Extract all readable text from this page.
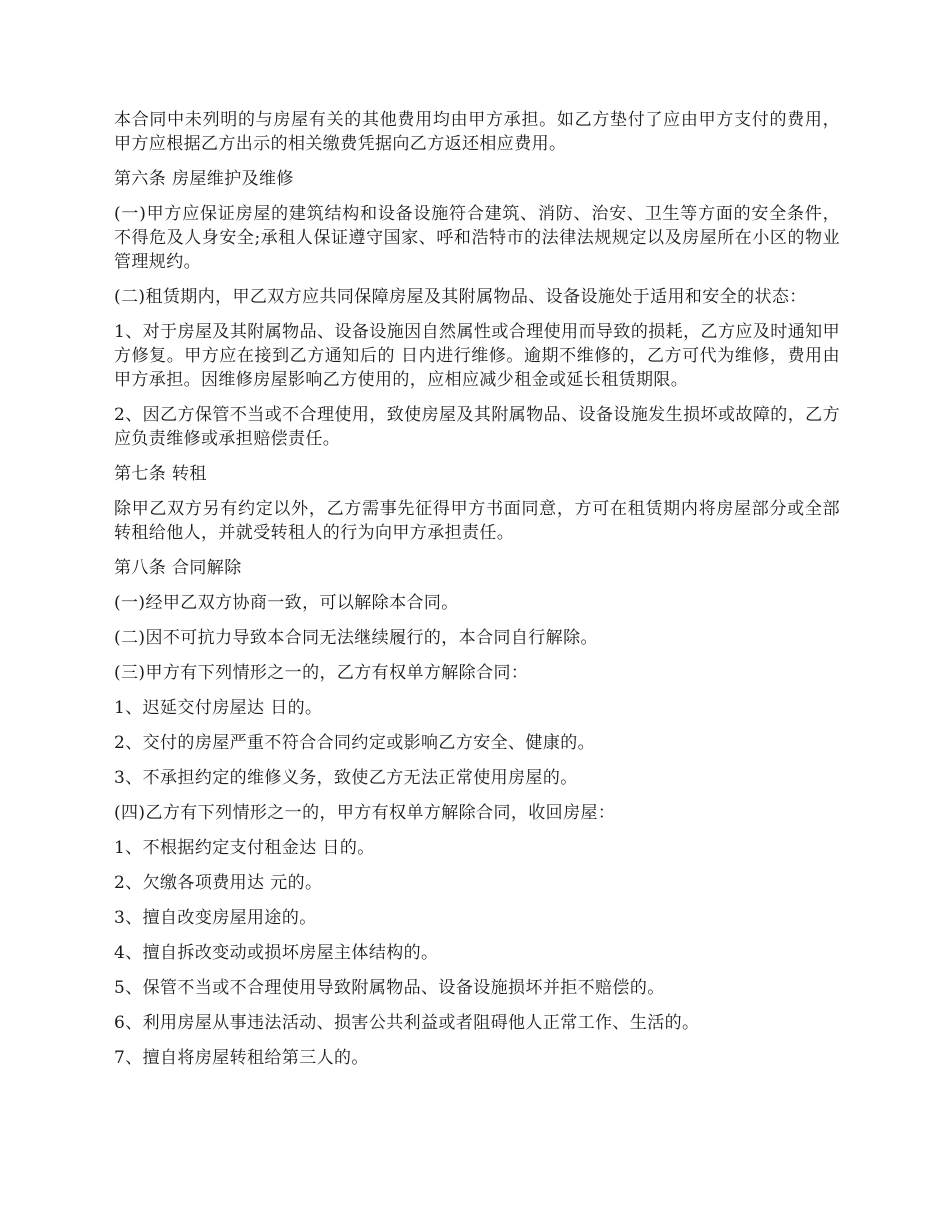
本合同中未列明的与房屋有关的其他费用均由甲方承担。如乙方垫付了应由甲方支付的费用，甲方应根据乙方出示的相关缴费凭据向乙方返还相应费用。

第六条 房屋维护及维修

(一)甲方应保证房屋的建筑结构和设备设施符合建筑、消防、治安、卫生等方面的安全条件，不得危及人身安全;承租人保证遵守国家、呼和浩特市的法律法规规定以及房屋所在小区的物业管理规约。

(二)租赁期内，甲乙双方应共同保障房屋及其附属物品、设备设施处于适用和安全的状态：

1、对于房屋及其附属物品、设备设施因自然属性或合理使用而导致的损耗，乙方应及时通知甲方修复。甲方应在接到乙方通知后的 日内进行维修。逾期不维修的，乙方可代为维修，费用由甲方承担。因维修房屋影响乙方使用的，应相应减少租金或延长租赁期限。

2、因乙方保管不当或不合理使用，致使房屋及其附属物品、设备设施发生损坏或故障的，乙方应负责维修或承担赔偿责任。

第七条 转租

除甲乙双方另有约定以外，乙方需事先征得甲方书面同意，方可在租赁期内将房屋部分或全部转租给他人，并就受转租人的行为向甲方承担责任。

第八条 合同解除

(一)经甲乙双方协商一致，可以解除本合同。

(二)因不可抗力导致本合同无法继续履行的，本合同自行解除。

(三)甲方有下列情形之一的，乙方有权单方解除合同：

1、迟延交付房屋达 日的。

2、交付的房屋严重不符合合同约定或影响乙方安全、健康的。

3、不承担约定的维修义务，致使乙方无法正常使用房屋的。

(四)乙方有下列情形之一的，甲方有权单方解除合同，收回房屋：

1、不根据约定支付租金达 日的。

2、欠缴各项费用达 元的。

3、擅自改变房屋用途的。

4、擅自拆改变动或损坏房屋主体结构的。

5、保管不当或不合理使用导致附属物品、设备设施损坏并拒不赔偿的。

6、利用房屋从事违法活动、损害公共利益或者阻碍他人正常工作、生活的。

7、擅自将房屋转租给第三人的。
